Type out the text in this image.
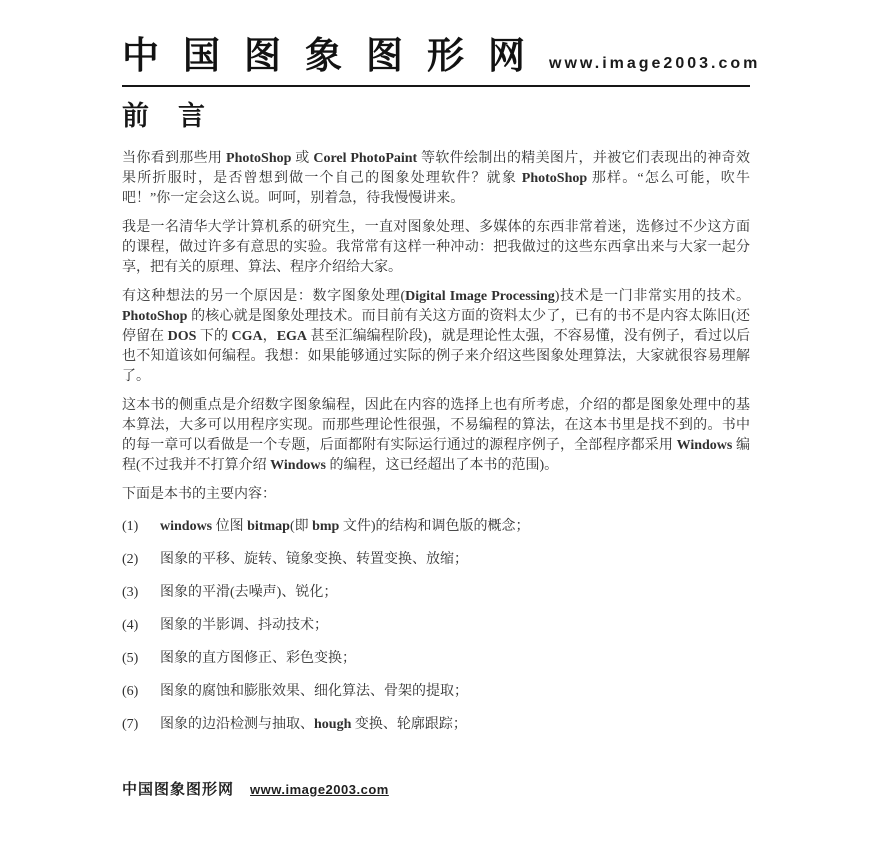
中国图象图形网 www.image2003.com
前　言

当你看到那些用 PhotoShop 或 Corel PhotoPaint 等软件绘制出的精美图片，并被它们表现出的神奇效果所折服时，是否曾想到做一个自己的图象处理软件？就象 PhotoShop 那样。“怎么可能，吹牛吧！”你一定会这么说。呵呵，别着急，待我慢慢讲来。

我是一名清华大学计算机系的研究生，一直对图象处理、多媒体的东西非常着迷，选修过不少这方面的课程，做过许多有意思的实验。我常常有这样一种冲动：把我做过的这些东西拿出来与大家一起分享，把有关的原理、算法、程序介绍给大家。

有这种想法的另一个原因是：数字图象处理(Digital Image Processing)技术是一门非常实用的技术。PhotoShop 的核心就是图象处理技术。而目前有关这方面的资料太少了，已有的书不是内容太陈旧(还停留在 DOS 下的 CGA，EGA 甚至汇编编程阶段)，就是理论性太强，不容易懂，没有例子，看过以后也不知道该如何编程。我想：如果能够通过实际的例子来介绍这些图象处理算法，大家就很容易理解了。

这本书的侧重点是介绍数字图象编程，因此在内容的选择上也有所考虑，介绍的都是图象处理中的基本算法，大多可以用程序实现。而那些理论性很强，不易编程的算法，在这本书里是找不到的。书中的每一章可以看做是一个专题，后面都附有实际运行通过的源程序例子，全部程序都采用 Windows 编程(不过我并不打算介绍 Windows 的编程，这已经超出了本书的范围)。

下面是本书的主要内容：

(1)	windows 位图 bitmap(即 bmp 文件)的结构和调色版的概念；
(2)	图象的平移、旋转、镜象变换、转置变换、放缩；
(3)	图象的平滑(去噪声)、锐化；
(4)	图象的半影调、抖动技术；
(5)	图象的直方图修正、彩色变换；
(6)	图象的腐蚀和膨胀效果、细化算法、骨架的提取；
(7)	图象的边沿检测与抽取、hough 变换、轮廓跟踪；
中国图象图形网 www.image2003.com
